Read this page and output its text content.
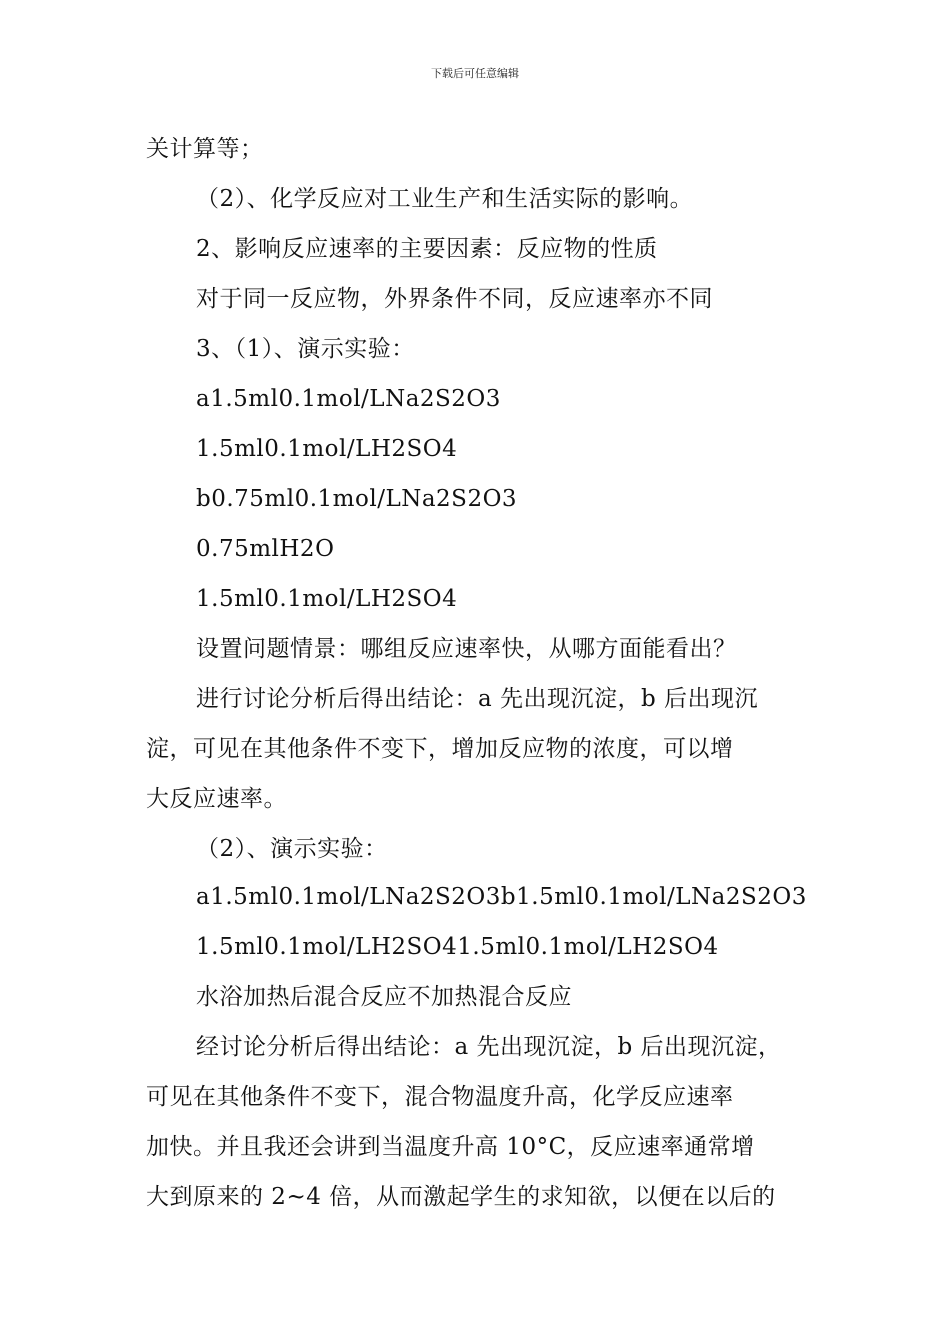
下载后可任意编辑
关计算等；
（2）、化学反应对工业生产和生活实际的影响。
2、影响反应速率的主要因素：反应物的性质
对于同一反应物，外界条件不同，反应速率亦不同
3、（1）、演示实验：
a1.5ml0.1mol/LNa2S2O3
1.5ml0.1mol/LH2SO4
b0.75ml0.1mol/LNa2S2O3
0.75mlH2O
1.5ml0.1mol/LH2SO4
设置问题情景：哪组反应速率快，从哪方面能看出？
进行讨论分析后得出结论：a 先出现沉淀，b 后出现沉
淀，可见在其他条件不变下，增加反应物的浓度，可以增
大反应速率。
（2）、演示实验：
a1.5ml0.1mol/LNa2S2O3b1.5ml0.1mol/LNa2S2O3
1.5ml0.1mol/LH2SO41.5ml0.1mol/LH2SO4
水浴加热后混合反应不加热混合反应
经讨论分析后得出结论：a 先出现沉淀，b 后出现沉淀，
可见在其他条件不变下，混合物温度升高，化学反应速率
加快。并且我还会讲到当温度升高 10°C，反应速率通常增
大到原来的 2~4 倍，从而激起学生的求知欲，以便在以后的
